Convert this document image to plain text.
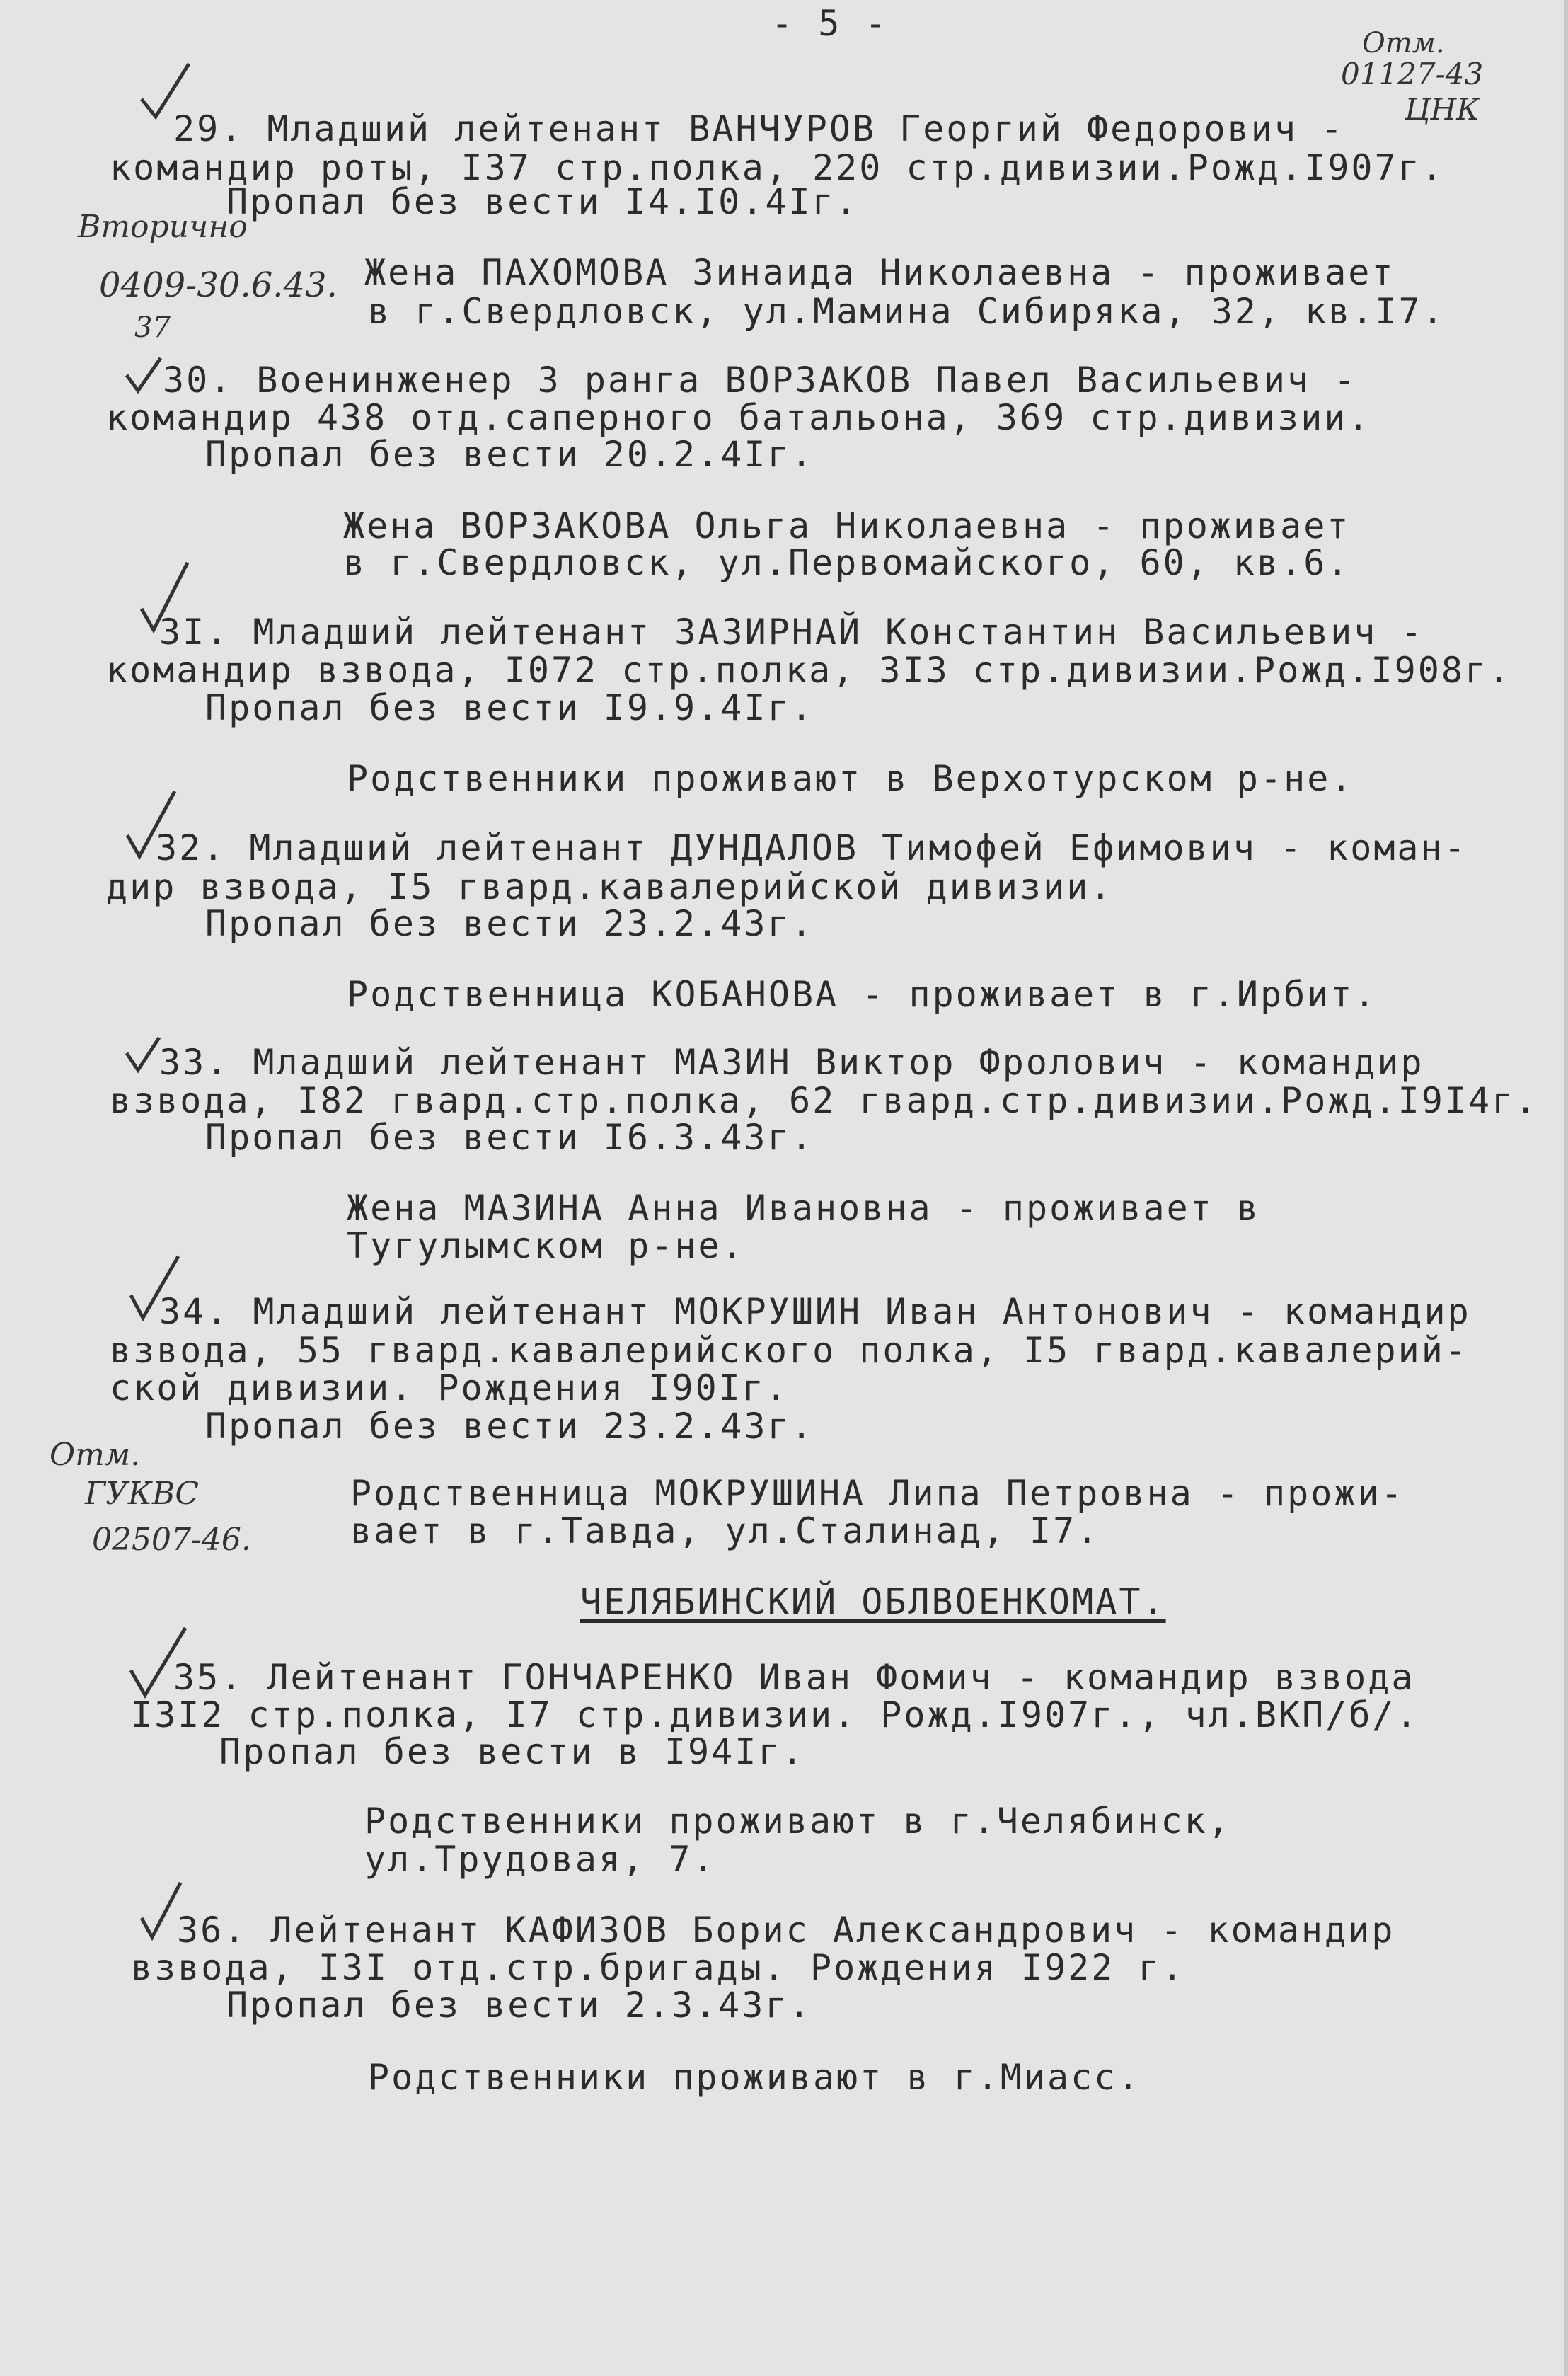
- 5 -	Отм.
01127-43
ЦНК
29. Младший лейтенант ВАНЧУРОВ Георгий Федорович -
командир роты, I37 стр.полка, 220 стр.дивизии.Рожд.I907г.
Пропал без вести I4.I0.4Iг.
Вторично
0409-30.6.43.
37
Жена ПАХОМОВА Зинаида Николаевна - проживает
в г.Свердловск, ул.Мамина Сибиряка, 32, кв.I7.
30. Военинженер 3 ранга ВОРЗАКОВ Павел Васильевич -
командир 438 отд.саперного батальона, 369 стр.дивизии.
Пропал без вести 20.2.4Iг.
Жена ВОРЗАКОВА Ольга Николаевна - проживает
в г.Свердловск, ул.Первомайского, 60, кв.6.
3I. Младший лейтенант ЗАЗИРНАЙ Константин Васильевич -
командир взвода, I072 стр.полка, 3I3 стр.дивизии.Рожд.I908г.
Пропал без вести I9.9.4Iг.
Родственники проживают в Верхотурском р-не.
32. Младший лейтенант ДУНДАЛОВ Тимофей Ефимович - коман-
дир взвода, I5 гвард.кавалерийской дивизии.
Пропал без вести 23.2.43г.
Родственница КОБАНОВА - проживает в г.Ирбит.
33. Младший лейтенант МАЗИН Виктор Фролович - командир
взвода, I82 гвард.стр.полка, 62 гвард.стр.дивизии.Рожд.I9I4г.
Пропал без вести I6.3.43г.
Жена МАЗИНА Анна Ивановна - проживает в
Тугулымском р-не.
34. Младший лейтенант МОКРУШИН Иван Антонович - командир
взвода, 55 гвард.кавалерийского полка, I5 гвард.кавалерий-
ской дивизии. Рождения I90Iг.
Пропал без вести 23.2.43г.
Отм.
ГУКВС
02507-46.
Родственница МОКРУШИНА Липа Петровна - прожи-
вает в г.Тавда, ул.Сталинад, I7.
ЧЕЛЯБИНСКИЙ ОБЛВОЕНКОМАТ.
35. Лейтенант ГОНЧАРЕНКО Иван Фомич - командир взвода
I3I2 стр.полка, I7 стр.дивизии. Рожд.I907г., чл.ВКП/б/.
Пропал без вести в I94Iг.
Родственники проживают в г.Челябинск,
ул.Трудовая, 7.
36. Лейтенант КАФИЗОВ Борис Александрович - командир
взвода, I3I отд.стр.бригады. Рождения I922 г.
Пропал без вести 2.3.43г.
Родственники проживают в г.Миасс.
